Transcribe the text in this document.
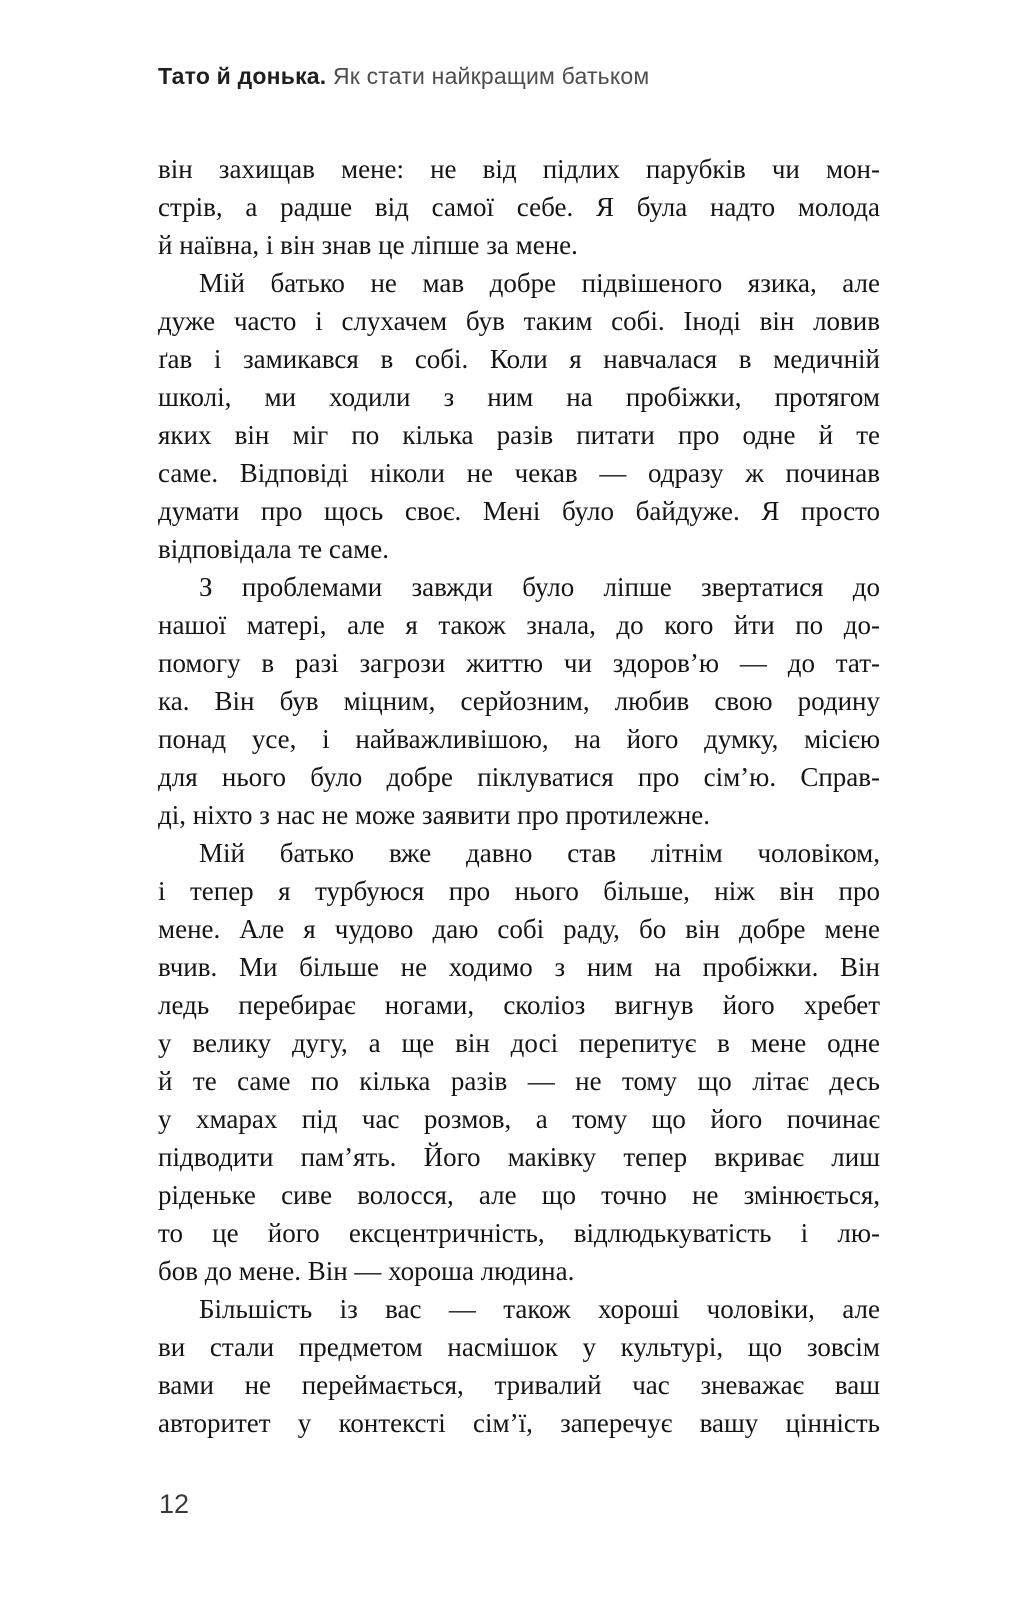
Тато й донька. Як стати найкращим батьком
він захищав мене: не від підлих парубків чи мон-
стрів, а радше від самої себе. Я була надто молода
й наївна, і він знав це ліпше за мене.
Мій батько не мав добре підвішеного язика, але
дуже часто і слухачем був таким собі. Іноді він ловив
ґав і замикався в собі. Коли я навчалася в медичній
школі, ми ходили з ним на пробіжки, протягом
яких він міг по кілька разів питати про одне й те
саме. Відповіді ніколи не чекав — одразу ж починав
думати про щось своє. Мені було байдуже. Я просто
відповідала те саме.
З проблемами завжди було ліпше звертатися до
нашої матері, але я також знала, до кого йти по до-
помогу в разі загрози життю чи здоров’ю — до тат-
ка. Він був міцним, серйозним, любив свою родину
понад усе, і найважливішою, на його думку, місією
для нього було добре піклуватися про сім’ю. Справ-
ді, ніхто з нас не може заявити про протилежне.
Мій батько вже давно став літнім чоловіком,
і тепер я турбуюся про нього більше, ніж він про
мене. Але я чудово даю собі раду, бо він добре мене
вчив. Ми більше не ходимо з ним на пробіжки. Він
ледь перебирає ногами, сколіоз вигнув його хребет
у велику дугу, а ще він досі перепитує в мене одне
й те саме по кілька разів — не тому що літає десь
у хмарах під час розмов, а тому що його починає
підводити пам’ять. Його маківку тепер вкриває лиш
ріденьке сиве волосся, але що точно не змінюється,
то це його ексцентричність, відлюдькуватість і лю-
бов до мене. Він — хороша людина.
Більшість із вас — також хороші чоловіки, але
ви стали предметом насмішок у культурі, що зовсім
вами не переймається, тривалий час зневажає ваш
авторитет у контексті сім’ї, заперечує вашу цінність
12
